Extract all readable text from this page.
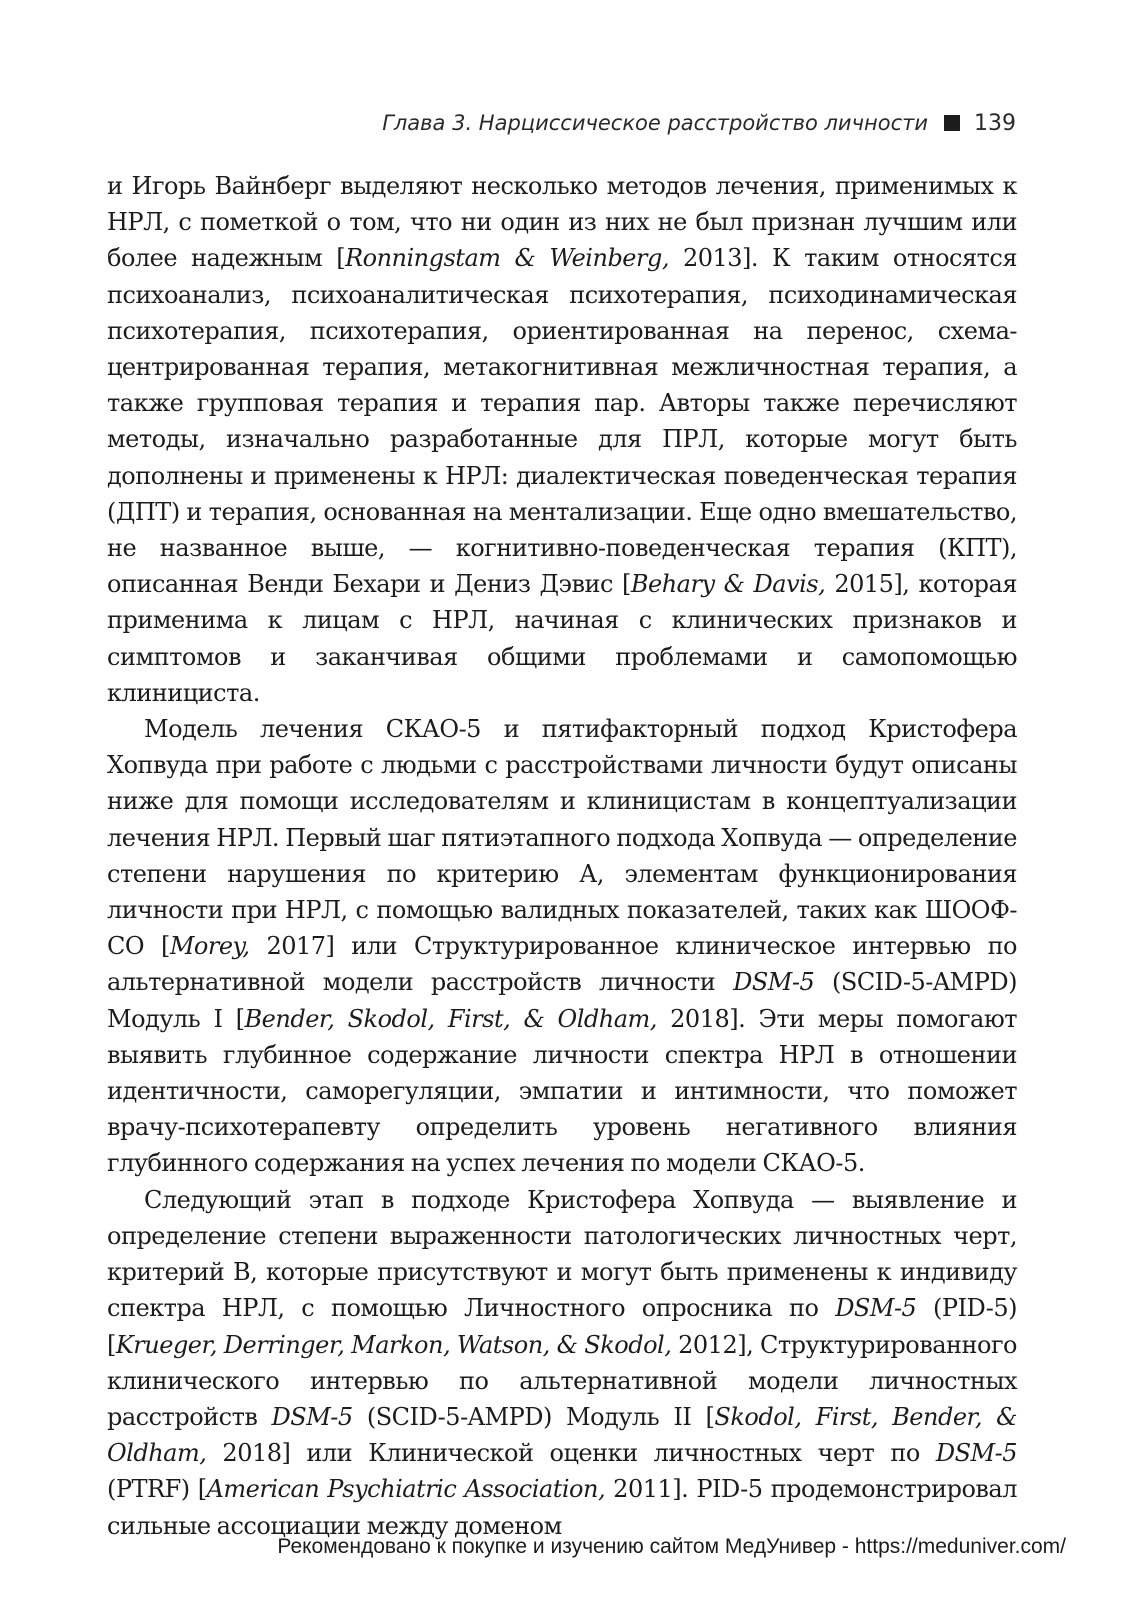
Глава 3. Нарциссическое расстройство личности 139

и Игорь Вайнберг выделяют несколько методов лечения, применимых к НРЛ, с пометкой о том, что ни один из них не был признан лучшим или более надежным [Ronningstam & Weinberg, 2013]. К таким относятся психоанализ, психоаналитическая психотерапия, психодинамическая психотерапия, психотерапия, ориентированная на перенос, схема-центрированная терапия, метакогнитивная межличностная терапия, а также групповая терапия и терапия пар. Авторы также перечисляют методы, изначально разработанные для ПРЛ, которые могут быть дополнены и применены к НРЛ: диалектическая поведенческая терапия (ДПТ) и терапия, основанная на ментализации. Еще одно вмешательство, не названное выше, — когнитивно-поведенческая терапия (КПТ), описанная Венди Бехари и Дениз Дэвис [Behary & Davis, 2015], которая применима к лицам с НРЛ, начиная с клинических признаков и симптомов и заканчивая общими проблемами и самопомощью клинициста.

Модель лечения СКАО-5 и пятифакторный подход Кристофера Хопвуда при работе с людьми с расстройствами личности будут описаны ниже для помощи исследователям и клиницистам в концептуализации лечения НРЛ. Первый шаг пятиэтапного подхода Хопвуда — определение степени нарушения по критерию А, элементам функционирования личности при НРЛ, с помощью валидных показателей, таких как ШООФ-СО [Morey, 2017] или Структурированное клиническое интервью по альтернативной модели расстройств личности DSM-5 (SCID-5-AMPD) Модуль I [Bender, Skodol, First, & Oldham, 2018]. Эти меры помогают выявить глубинное содержание личности спектра НРЛ в отношении идентичности, саморегуляции, эмпатии и интимности, что поможет врачу-психотерапевту определить уровень негативного влияния глубинного содержания на успех лечения по модели СКАО-5.

Следующий этап в подходе Кристофера Хопвуда — выявление и определение степени выраженности патологических личностных черт, критерий В, которые присутствуют и могут быть применены к индивиду спектра НРЛ, с помощью Личностного опросника по DSM-5 (PID-5) [Krueger, Derringer, Markon, Watson, & Skodol, 2012], Структурированного клинического интервью по альтернативной модели личностных расстройств DSM-5 (SCID-5-AMPD) Модуль II [Skodol, First, Bender, & Oldham, 2018] или Клинической оценки личностных черт по DSM-5 (PTRF) [American Psychiatric Association, 2011]. PID-5 продемонстрировал сильные ассоциации между доменом

Рекомендовано к покупке и изучению сайтом МедУнивер - https://meduniver.com/
